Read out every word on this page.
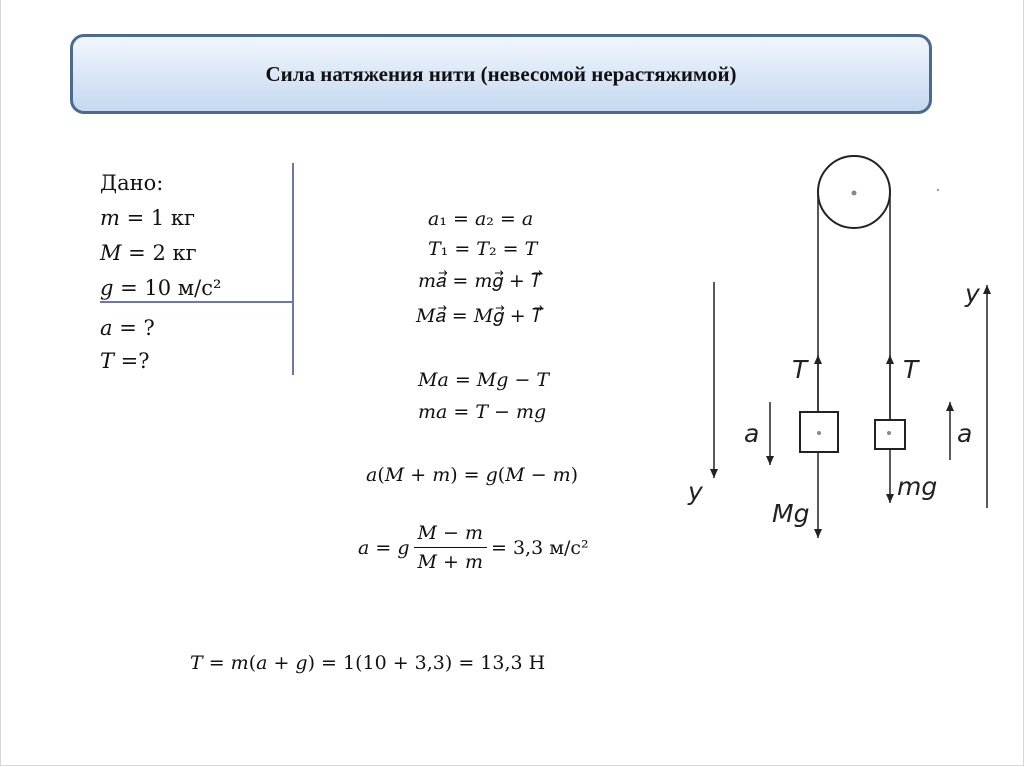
Сила натяжения нити (невесомой нерастяжимой)
Дано:
𝑚 = 1 кг
𝑀 = 2 кг
𝑔 = 10 м/с²
𝑎 = ?
𝑇 =?
𝑎₁ = 𝑎₂ = 𝑎
𝑇₁ = 𝑇₂ = 𝑇
𝑚𝑎⃗ = 𝑚𝑔⃗ + 𝑇⃗
𝑀𝑎⃗ = 𝑀𝑔⃗ + 𝑇⃗
𝑀𝑎 = 𝑀𝑔 − 𝑇
𝑚𝑎 = 𝑇 − 𝑚𝑔
𝑎(𝑀 + 𝑚) = 𝑔(𝑀 − 𝑚)
𝑎 = 𝑔 $\frac{\text{𝑀 − 𝑚}}{\text{𝑀 + 𝑚}} = 3,3$ м/с²
𝑇 = 𝑚(𝑎 + 𝑔) = 1(10 + 3,3) = 13,3 Н
T	T
a	a
y
y
Mg
mg
